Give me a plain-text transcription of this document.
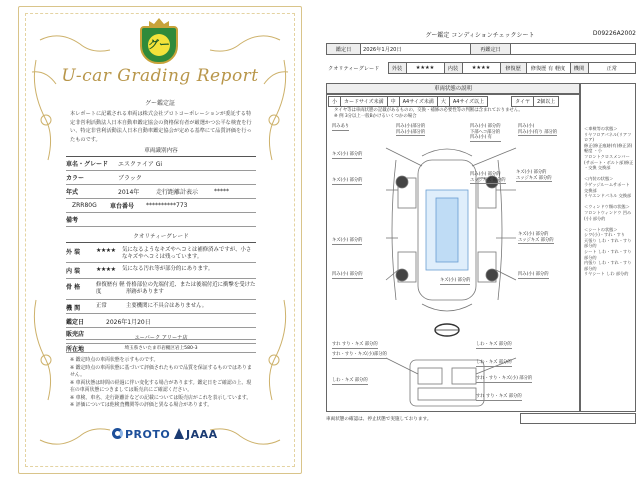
グー
U-car Grading Report
グー鑑定証
本レポートに記載される車両は株式会社プロトコーポレーションが委託する特定非営利活動法人日本自動車鑑定協会の資格保有者が厳選かつ公平な検査を行い、特定非営利活動法人日本自動車鑑定協会が定める基準にて品質評価を行ったものです。
車両識別内容
車名・グレード	エスクァイア Gi
カラー	ブラック
年式	2014年	走行距離計表示	*****
ZRR80G	車台番号	**********773
備考
クオリティーグレード
外 装	★★★★	気になるようなキズやヘコミは補修済みですが、小さなキズやヘコミは残っています。
内 装	★★★★	気になる汚れ等が部分的にあります。
骨 格	修復歴有 軽度
骨格部位の先端付近、または後端付近に衝撃を受けた形跡があります
機 関	正常	主要機関に不具合はありません。
鑑定日	2026年1月20日
販売店	ユーバーク アリーナ店
所在地	埼玉県さいたま市岩槻区岩上580-3
※ 鑑定時点の車両状態を示すものです。
※ 鑑定時点の車両状態に基づいて評価されたもので品質を保証するものではありません。
※ 車両状態は時間の経過に伴い変化する場合があります。鑑定日をご確認の上、現在の車両状態につきましては販売店にご確認ください。
※ 車検、車名、走行距離計などの記載については販売店がこれを表示しています。
※ 評価については他検査機関等の評価と異なる場合があります。
PROTO	JAAA
グー鑑定 コンディションチェックシート	D09226A2002
鑑定日	2026年1月20日	再鑑定日	
クオリティーグレード	外装	★★★★	内装	★★★★	修復歴	修復歴 有 軽度	機関	正常
車両状態の説明
小	カードサイズ未満	中	A4サイズ未満	大	A4サイズ以上		タイヤ	2個以上
タイヤ等は車両状態の記載があるものの、交換・補修の必要性等の判断は含まれておりません。
※ 例 3分以上一般Bかけるいくつかの場合
凹みあり	凹み(小)部分的
凹み(小)部分的
凹み(小) 部分的
下部ヘコ部分的
凹み(小) 有
凹み(小)
凹み(小)有り 部分的
キズ(小) 部分的
キズ(小) 部分的
エッジキズ 部分的
凹み(小) 部分的
エッジキズ 部分的
キズ(小) 部分的
キズ(小) 部分的
キズ(小) 部分的
エッジキズ 部分的
凹み(小) 部分的
キズ(小) 部分的
凹み(小) 部分的
すれ すり・キズ 部分的
すれ・すり・キズ(小)部分的
しわ・キズ 部分的
しわ・キズ 部分的
すれ・すり・キズ(小) 部分的
しわ・キズ 部分的
すれ すり・キズ 部分的
＜車検等の状態＞
リヤフロアパネル(リアフロア)
修正(修正痕跡)有(修正済)
軽度 ・小
フロントクロスメンバー(サポート・ボルト部)修正 ・交換 交換部

＜内装の状態＞
ラゲッジルームサポート 交換部
リヤエンドパネル 交換部

＜ウィンドウ類の状態＞
フロントウィンドウ 凹み(小) 部分的

＜シートの状態＞
シワ(小)・すれ・すり
天張り しわ・すれ・すり 部分的
シート しわ・すれ・すり 部分的
内張り しわ・すれ・すり 部分的
リヤシート しわ 部分的
車両状態の確認は、停止状態で実施しております。
